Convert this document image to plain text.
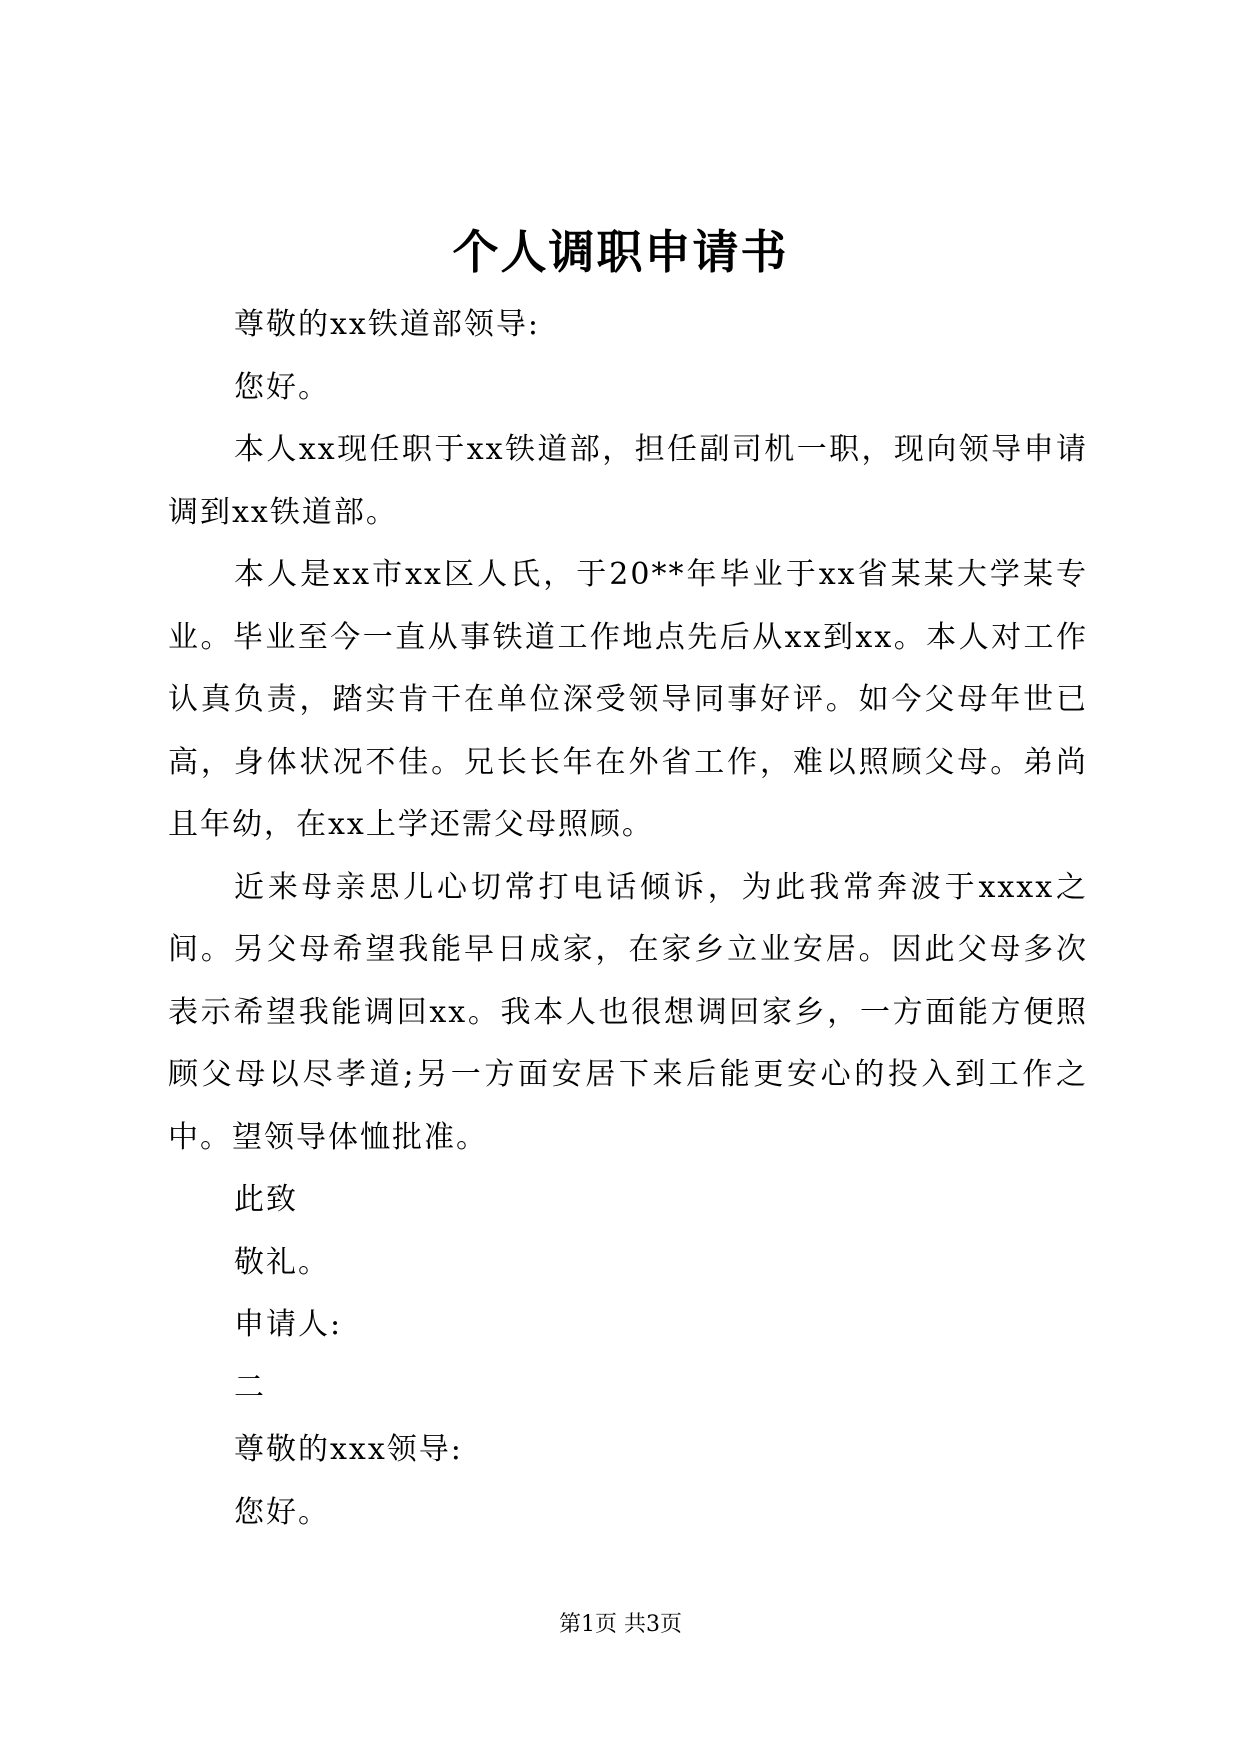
个人调职申请书

尊敬的xx铁道部领导:

您好。

本人xx现任职于xx铁道部，担任副司机一职，现向领导申请调到xx铁道部。

本人是xx市xx区人氏，于20**年毕业于xx省某某大学某专业。毕业至今一直从事铁道工作地点先后从xx到xx。本人对工作认真负责，踏实肯干在单位深受领导同事好评。如今父母年世已高，身体状况不佳。兄长长年在外省工作，难以照顾父母。弟尚且年幼，在xx上学还需父母照顾。

近来母亲思儿心切常打电话倾诉，为此我常奔波于xxxx之间。另父母希望我能早日成家，在家乡立业安居。因此父母多次表示希望我能调回xx。我本人也很想调回家乡，一方面能方便照顾父母以尽孝道;另一方面安居下来后能更安心的投入到工作之中。望领导体恤批准。

此致

敬礼。

申请人:

二

尊敬的xxx领导:

您好。

第1页 共3页
